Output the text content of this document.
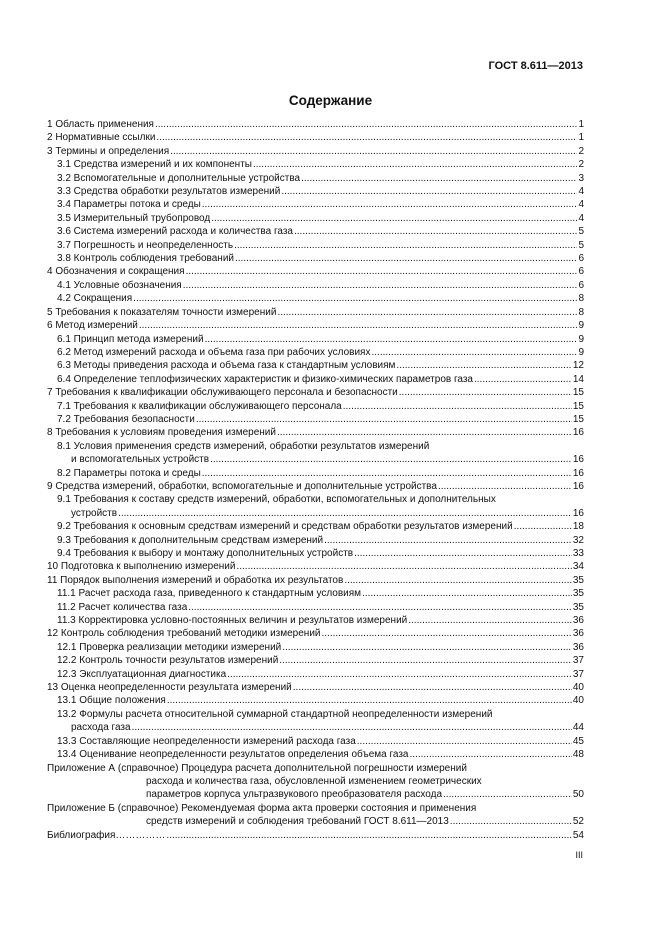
ГОСТ 8.611—2013
Содержание
1 Область применения .....	1
2 Нормативные ссылки .....	1
3 Термины и определения .....	2
3.1 Средства измерений и их компоненты .....	2
3.2 Вспомогательные и дополнительные устройства .....	3
3.3 Средства обработки результатов измерений .....	4
3.4 Параметры потока и среды .....	4
3.5 Измерительный трубопровод .....	4
3.6 Система измерений расхода и количества газа .....	5
3.7 Погрешность и неопределенность .....	5
3.8 Контроль соблюдения требований .....	6
4 Обозначения и сокращения .....	6
4.1 Условные обозначения .....	6
4.2 Сокращения .....	8
5 Требования к показателям точности измерений .....	8
6 Метод измерений .....	9
6.1 Принцип метода измерений .....	9
6.2 Метод измерений расхода и объема газа при рабочих условиях .....	9
6.3 Методы приведения расхода и объема газа к стандартным условиям .....	12
6.4 Определение теплофизических характеристик и физико-химических параметров газа .....	14
7 Требования к квалификации обслуживающего персонала и безопасности .....	15
7.1 Требования к квалификации обслуживающего персонала .....	15
7.2 Требования безопасности .....	15
8 Требования к условиям проведения измерений .....	16
8.1 Условия применения средств измерений, обработки результатов измерений
и вспомогательных устройств .....	16
8.2 Параметры потока и среды .....	16
9 Средства измерений, обработки, вспомогательные и дополнительные устройства .....	16
9.1 Требования к составу средств измерений, обработки, вспомогательных и дополнительных
устройств .....	16
9.2 Требования к основным средствам измерений и средствам обработки результатов измерений .....	18
9.3 Требования к дополнительным средствам измерений .....	32
9.4 Требования к выбору и монтажу дополнительных устройств .....	33
10 Подготовка к выполнению измерений .....	34
11 Порядок выполнения измерений и обработка их результатов .....	35
11.1 Расчет расхода газа, приведенного к стандартным условиям .....	35
11.2 Расчет количества газа .....	35
11.3 Корректировка условно-постоянных величин и результатов измерений .....	36
12 Контроль соблюдения требований методики измерений .....	36
12.1 Проверка реализации методики измерений .....	36
12.2 Контроль точности результатов измерений .....	37
12.3 Эксплуатационная диагностика .....	37
13 Оценка неопределенности результата измерений .....	40
13.1 Общие положения .....	40
13.2 Формулы расчета относительной суммарной стандартной неопределенности измерений
расхода газа .....	44
13.3 Составляющие неопределенности измерений расхода газа .....	45
13.4 Оценивание неопределенности результатов определения объема газа .....	48
Приложение А (справочное) Процедура расчета дополнительной погрешности измерений
расхода и количества газа, обусловленной изменением геометрических
параметров корпуса ультразвукового преобразователя расхода .....	50
Приложение Б (справочное) Рекомендуемая форма акта проверки состояния и применения
средств измерений и соблюдения требований ГОСТ 8.611—2013 .....	52
Библиография…………… .....	54
III
